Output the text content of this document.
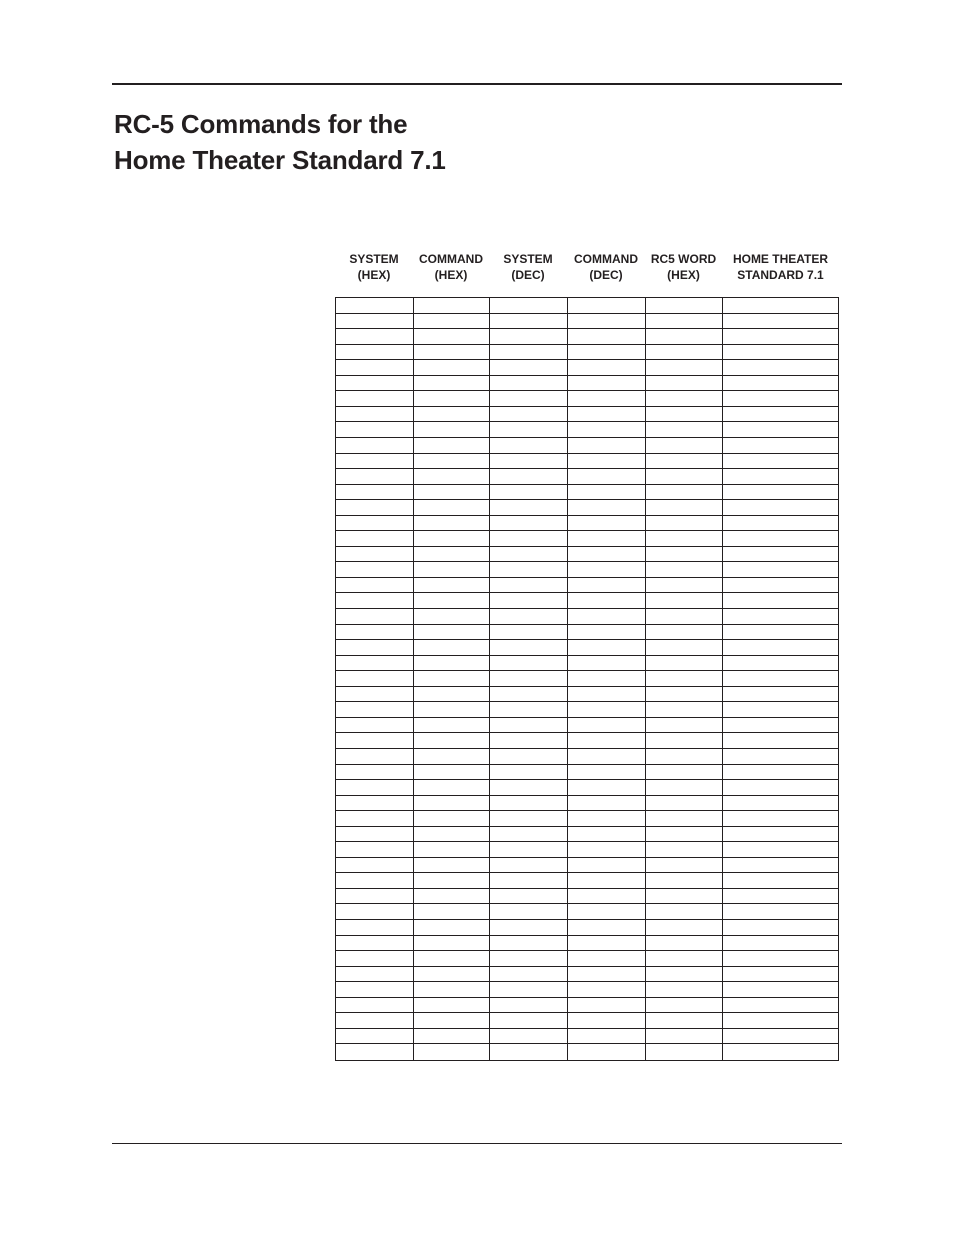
RC-5 Commands for the
Home Theater Standard 7.1
SYSTEM
(HEX)
COMMAND
(HEX)
SYSTEM
(DEC)
COMMAND
(DEC)
RC5 WORD
(HEX)
HOME THEATER
STANDARD 7.1
